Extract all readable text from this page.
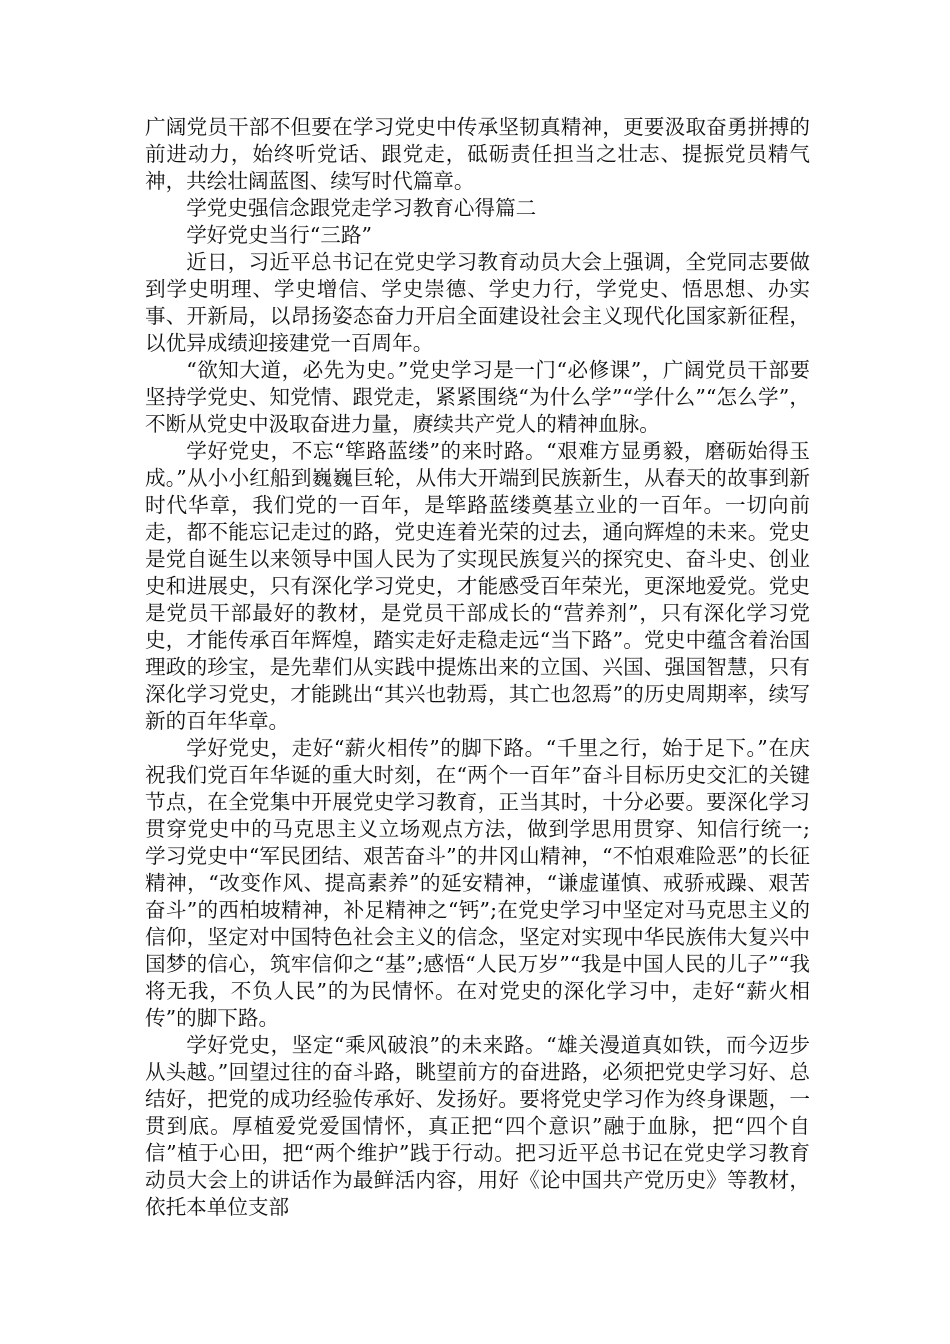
广阔党员干部不但要在学习党史中传承坚韧真精神，更要汲取奋勇拼搏的前进动力，始终听党话、跟党走，砥砺责任担当之壮志、提振党员精气神，共绘壮阔蓝图、续写时代篇章。

学党史强信念跟党走学习教育心得篇二

学好党史当行“三路”

近日，习近平总书记在党史学习教育动员大会上强调，全党同志要做到学史明理、学史增信、学史崇德、学史力行，学党史、悟思想、办实事、开新局，以昂扬姿态奋力开启全面建设社会主义现代化国家新征程，以优异成绩迎接建党一百周年。

“欲知大道，必先为史。”党史学习是一门“必修课”，广阔党员干部要坚持学党史、知党情、跟党走，紧紧围绕“为什么学”“学什么”“怎么学”，不断从党史中汲取奋进力量，赓续共产党人的精神血脉。

学好党史，不忘“筚路蓝缕”的来时路。“艰难方显勇毅，磨砺始得玉成。”从小小红船到巍巍巨轮，从伟大开端到民族新生，从春天的故事到新时代华章，我们党的一百年，是筚路蓝缕奠基立业的一百年。一切向前走，都不能忘记走过的路，党史连着光荣的过去，通向辉煌的未来。党史是党自诞生以来领导中国人民为了实现民族复兴的探究史、奋斗史、创业史和进展史，只有深化学习党史，才能感受百年荣光，更深地爱党。党史是党员干部最好的教材，是党员干部成长的“营养剂”，只有深化学习党史，才能传承百年辉煌，踏实走好走稳走远“当下路”。党史中蕴含着治国理政的珍宝，是先辈们从实践中提炼出来的立国、兴国、强国智慧，只有深化学习党史，才能跳出“其兴也勃焉，其亡也忽焉”的历史周期率，续写新的百年华章。

学好党史，走好“薪火相传”的脚下路。“千里之行，始于足下。”在庆祝我们党百年华诞的重大时刻，在“两个一百年”奋斗目标历史交汇的关键节点，在全党集中开展党史学习教育，正当其时，十分必要。要深化学习贯穿党史中的马克思主义立场观点方法，做到学思用贯穿、知信行统一;学习党史中“军民团结、艰苦奋斗”的井冈山精神，“不怕艰难险恶”的长征精神，“改变作风、提高素养”的延安精神，“谦虚谨慎、戒骄戒躁、艰苦奋斗”的西柏坡精神，补足精神之“钙”;在党史学习中坚定对马克思主义的信仰，坚定对中国特色社会主义的信念，坚定对实现中华民族伟大复兴中国梦的信心，筑牢信仰之“基”;感悟“人民万岁”“我是中国人民的儿子”“我将无我，不负人民”的为民情怀。在对党史的深化学习中，走好“薪火相传”的脚下路。

学好党史，坚定“乘风破浪”的未来路。“雄关漫道真如铁，而今迈步从头越。”回望过往的奋斗路，眺望前方的奋进路，必须把党史学习好、总结好，把党的成功经验传承好、发扬好。要将党史学习作为终身课题，一贯到底。厚植爱党爱国情怀，真正把“四个意识”融于血脉，把“四个自信”植于心田，把“两个维护”践于行动。把习近平总书记在党史学习教育动员大会上的讲话作为最鲜活内容，用好《论中国共产党历史》等教材，依托本单位支部
